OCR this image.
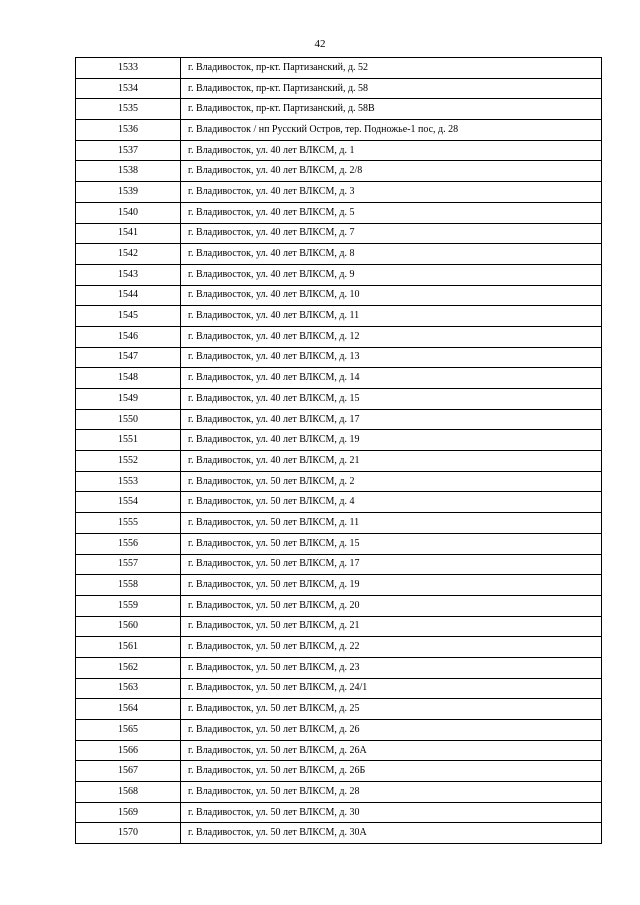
42
1533	г. Владивосток, пр-кт. Партизанский, д. 52
1534	г. Владивосток, пр-кт. Партизанский, д. 58
1535	г. Владивосток, пр-кт. Партизанский, д. 58В
1536	г. Владивосток / нп Русский Остров, тер. Подножье-1 пос, д. 28
1537	г. Владивосток, ул. 40 лет ВЛКСМ, д. 1
1538	г. Владивосток, ул. 40 лет ВЛКСМ, д. 2/8
1539	г. Владивосток, ул. 40 лет ВЛКСМ, д. 3
1540	г. Владивосток, ул. 40 лет ВЛКСМ, д. 5
1541	г. Владивосток, ул. 40 лет ВЛКСМ, д. 7
1542	г. Владивосток, ул. 40 лет ВЛКСМ, д. 8
1543	г. Владивосток, ул. 40 лет ВЛКСМ, д. 9
1544	г. Владивосток, ул. 40 лет ВЛКСМ, д. 10
1545	г. Владивосток, ул. 40 лет ВЛКСМ, д. 11
1546	г. Владивосток, ул. 40 лет ВЛКСМ, д. 12
1547	г. Владивосток, ул. 40 лет ВЛКСМ, д. 13
1548	г. Владивосток, ул. 40 лет ВЛКСМ, д. 14
1549	г. Владивосток, ул. 40 лет ВЛКСМ, д. 15
1550	г. Владивосток, ул. 40 лет ВЛКСМ, д. 17
1551	г. Владивосток, ул. 40 лет ВЛКСМ, д. 19
1552	г. Владивосток, ул. 40 лет ВЛКСМ, д. 21
1553	г. Владивосток, ул. 50 лет ВЛКСМ, д. 2
1554	г. Владивосток, ул. 50 лет ВЛКСМ, д. 4
1555	г. Владивосток, ул. 50 лет ВЛКСМ, д. 11
1556	г. Владивосток, ул. 50 лет ВЛКСМ, д. 15
1557	г. Владивосток, ул. 50 лет ВЛКСМ, д. 17
1558	г. Владивосток, ул. 50 лет ВЛКСМ, д. 19
1559	г. Владивосток, ул. 50 лет ВЛКСМ, д. 20
1560	г. Владивосток, ул. 50 лет ВЛКСМ, д. 21
1561	г. Владивосток, ул. 50 лет ВЛКСМ, д. 22
1562	г. Владивосток, ул. 50 лет ВЛКСМ, д. 23
1563	г. Владивосток, ул. 50 лет ВЛКСМ, д. 24/1
1564	г. Владивосток, ул. 50 лет ВЛКСМ, д. 25
1565	г. Владивосток, ул. 50 лет ВЛКСМ, д. 26
1566	г. Владивосток, ул. 50 лет ВЛКСМ, д. 26А
1567	г. Владивосток, ул. 50 лет ВЛКСМ, д. 26Б
1568	г. Владивосток, ул. 50 лет ВЛКСМ, д. 28
1569	г. Владивосток, ул. 50 лет ВЛКСМ, д. 30
1570	г. Владивосток, ул. 50 лет ВЛКСМ, д. 30А
